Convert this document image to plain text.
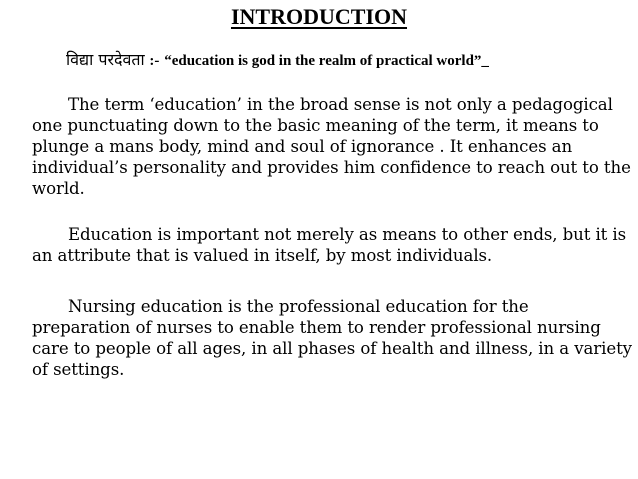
INTRODUCTION

विद्या परदेवता :- “education is god in the realm of practical world”_

The term ‘education’ in the broad sense is not only a pedagogical one punctuating down to the basic meaning of the term, it means to plunge a mans body, mind and soul of ignorance . It enhances an individual’s personality and provides him confidence to reach out to the world.

Education is important not merely as means to other ends, but it is an attribute that is valued in itself, by most individuals.

Nursing education is the professional education for the preparation of nurses to enable them to render professional nursing care to people of all ages, in all phases of health and illness, in a variety of settings.
